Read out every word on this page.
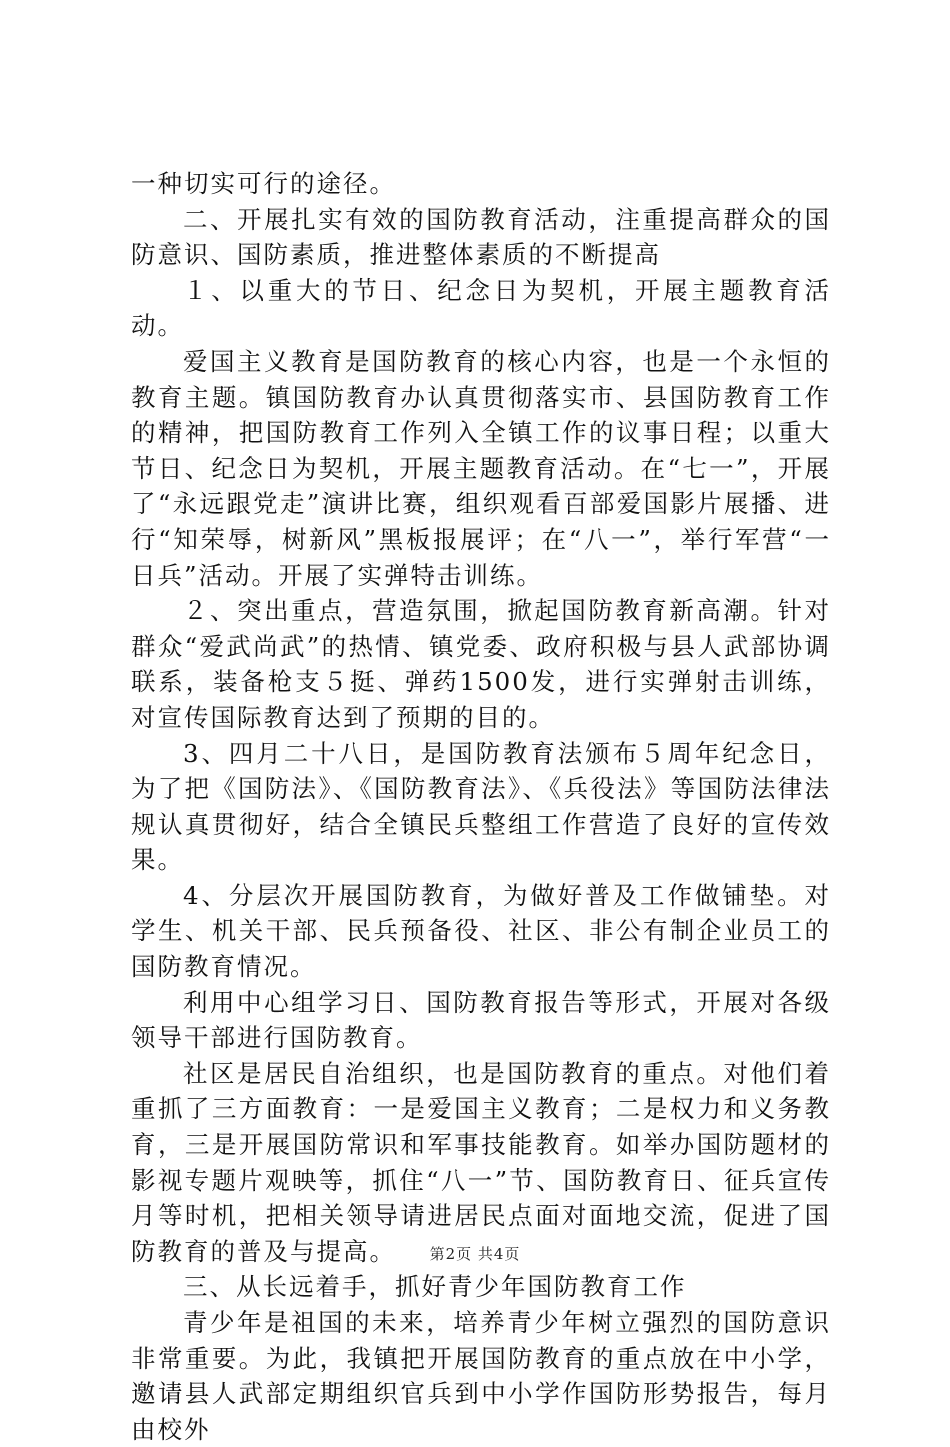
一种切实可行的途径。

二、开展扎实有效的国防教育活动，注重提高群众的国防意识、国防素质，推进整体素质的不断提高

１、以重大的节日、纪念日为契机，开展主题教育活动。

爱国主义教育是国防教育的核心内容，也是一个永恒的教育主题。镇国防教育办认真贯彻落实市、县国防教育工作的精神，把国防教育工作列入全镇工作的议事日程；以重大节日、纪念日为契机，开展主题教育活动。在“七一”，开展了“永远跟党走”演讲比赛，组织观看百部爱国影片展播、进行“知荣辱，树新风”黑板报展评；在“八一”，举行军营“一日兵”活动。开展了实弹特击训练。

２、突出重点，营造氛围，掀起国防教育新高潮。针对群众“爱武尚武”的热情、镇党委、政府积极与县人武部协调联系，装备枪支５挺、弹药1500发，进行实弹射击训练，对宣传国际教育达到了预期的目的。

3、四月二十八日，是国防教育法颁布５周年纪念日，为了把《国防法》、《国防教育法》、《兵役法》等国防法律法规认真贯彻好，结合全镇民兵整组工作营造了良好的宣传效果。

4、分层次开展国防教育，为做好普及工作做铺垫。对学生、机关干部、民兵预备役、社区、非公有制企业员工的国防教育情况。

利用中心组学习日、国防教育报告等形式，开展对各级领导干部进行国防教育。

社区是居民自治组织，也是国防教育的重点。对他们着重抓了三方面教育：一是爱国主义教育；二是权力和义务教育，三是开展国防常识和军事技能教育。如举办国防题材的影视专题片观映等，抓住“八一”节、国防教育日、征兵宣传月等时机，把相关领导请进居民点面对面地交流，促进了国防教育的普及与提高。

三、从长远着手，抓好青少年国防教育工作

青少年是祖国的未来，培养青少年树立强烈的国防意识非常重要。为此，我镇把开展国防教育的重点放在中小学，邀请县人武部定期组织官兵到中小学作国防形势报告，每月由校外

第2页 共4页
